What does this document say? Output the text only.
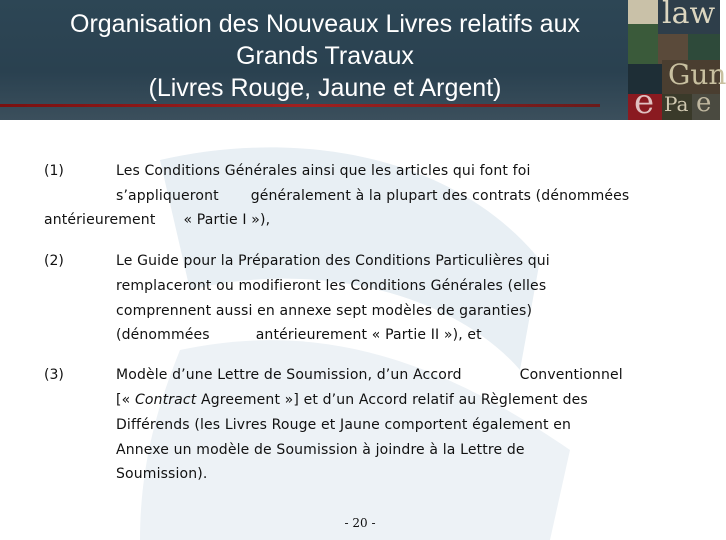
Organisation des Nouveaux Livres relatifs aux
Grands Travaux
(Livres Rouge, Jaune et Argent)
law
Gun
e Pa e
(1)	Les Conditions Générales ainsi que les articles qui font foi
s’appliqueront généralement à la plupart des contrats (dénommées
antérieurement « Partie I »),
(2)	Le Guide pour la Préparation des Conditions Particulières qui
remplaceront ou modifieront les Conditions Générales (elles
comprennent aussi en annexe sept modèles de garanties)
(dénommées	antérieurement « Partie II »), et
(3)	Modèle d’une Lettre de Soumission, d’un Accord	Conventionnel
[« Contract Agreement »] et d’un Accord relatif au Règlement des
Différends (les Livres Rouge et Jaune comportent également en
Annexe un modèle de Soumission à joindre à la Lettre de
Soumission).
- 20 -
